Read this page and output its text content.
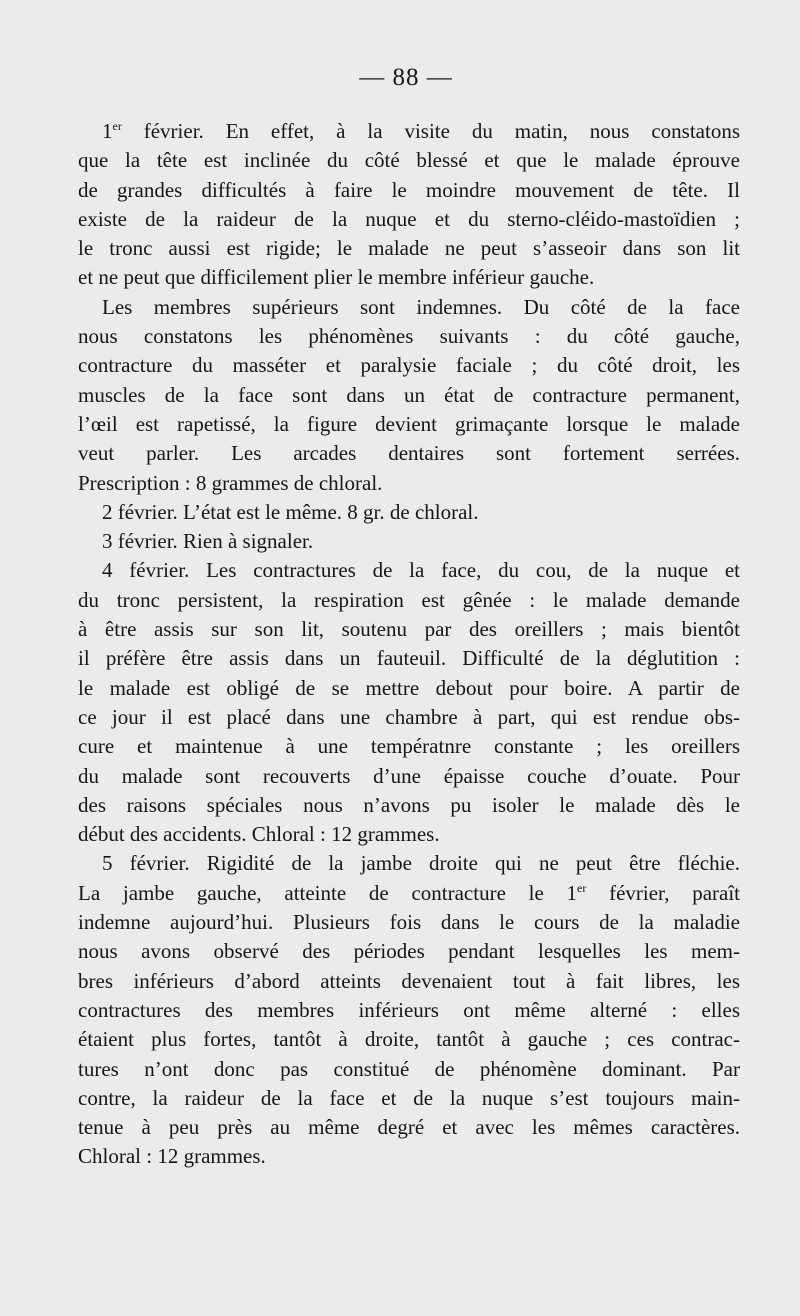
— 88 —
1er février. En effet, à la visite du matin, nous constatons
que la tête est inclinée du côté blessé et que le malade éprouve
de grandes difficultés à faire le moindre mouvement de tête. Il
existe de la raideur de la nuque et du sterno-cléido-mastoïdien ;
le tronc aussi est rigide; le malade ne peut s’asseoir dans son lit
et ne peut que difficilement plier le membre inférieur gauche.
Les membres supérieurs sont indemnes. Du côté de la face
nous constatons les phénomènes suivants : du côté gauche,
contracture du masséter et paralysie faciale ; du côté droit, les
muscles de la face sont dans un état de contracture permanent,
l’œil est rapetissé, la figure devient grimaçante lorsque le malade
veut parler. Les arcades dentaires sont fortement serrées.
Prescription : 8 grammes de chloral.
2 février. L’état est le même. 8 gr. de chloral.
3 février. Rien à signaler.
4 février. Les contractures de la face, du cou, de la nuque et
du tronc persistent, la respiration est gênée : le malade demande
à être assis sur son lit, soutenu par des oreillers ; mais bientôt
il préfère être assis dans un fauteuil. Difficulté de la déglutition :
le malade est obligé de se mettre debout pour boire. A partir de
ce jour il est placé dans une chambre à part, qui est rendue obs-
cure et maintenue à une températnre constante ; les oreillers
du malade sont recouverts d’une épaisse couche d’ouate. Pour
des raisons spéciales nous n’avons pu isoler le malade dès le
début des accidents. Chloral : 12 grammes.
5 février. Rigidité de la jambe droite qui ne peut être fléchie.
La jambe gauche, atteinte de contracture le 1er février, paraît
indemne aujourd’hui. Plusieurs fois dans le cours de la maladie
nous avons observé des périodes pendant lesquelles les mem-
bres inférieurs d’abord atteints devenaient tout à fait libres, les
contractures des membres inférieurs ont même alterné : elles
étaient plus fortes, tantôt à droite, tantôt à gauche ; ces contrac-
tures n’ont donc pas constitué de phénomène dominant. Par
contre, la raideur de la face et de la nuque s’est toujours main-
tenue à peu près au même degré et avec les mêmes caractères.
Chloral : 12 grammes.
